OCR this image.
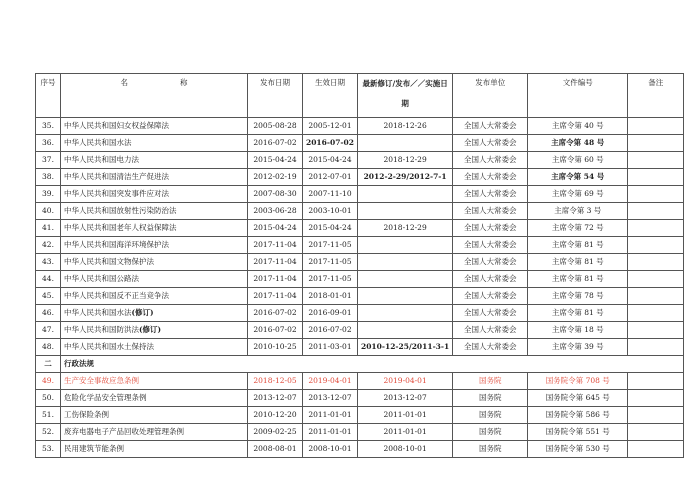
序号	名 称	发布日期	生效日期	最新修订/发布／／实施日期	发布单位	文件编号	备注
35.	中华人民共和国妇女权益保障法	2005-08-28	2005-12-01	2018-12-26	全国人大常委会	主席令第 40 号	
36.	中华人民共和国水法	2016-07-02	2016-07-02		全国人大常委会	主席令第 48 号	
37.	中华人民共和国电力法	2015-04-24	2015-04-24	2018-12-29	全国人大常委会	主席令第 60 号	
38.	中华人民共和国清洁生产促进法	2012-02-19	2012-07-01	2012-2-29/2012-7-1	全国人大常委会	主席令第 54 号	
39.	中华人民共和国突发事件应对法	2007-08-30	2007-11-10		全国人大常委会	主席令第 69 号	
40.	中华人民共和国放射性污染防治法	2003-06-28	2003-10-01		全国人大常委会	主席令第 3 号	
41.	中华人民共和国老年人权益保障法	2015-04-24	2015-04-24	2018-12-29	全国人大常委会	主席令第 72 号	
42.	中华人民共和国海洋环境保护法	2017-11-04	2017-11-05		全国人大常委会	主席令第 81 号	
43.	中华人民共和国文物保护法	2017-11-04	2017-11-05		全国人大常委会	主席令第 81 号	
44.	中华人民共和国公路法	2017-11-04	2017-11-05		全国人大常委会	主席令第 81 号	
45.	中华人民共和国反不正当竞争法	2017-11-04	2018-01-01		全国人大常委会	主席令第 78 号	
46.	中华人民共和国水法(修订)	2016-07-02	2016-09-01		全国人大常委会	主席令第 81 号	
47.	中华人民共和国防洪法(修订)	2016-07-02	2016-07-02		全国人大常委会	主席令第 18 号	
48.	中华人民共和国水土保持法	2010-10-25	2011-03-01	2010-12-25/2011-3-1	全国人大常委会	主席令第 39 号	
二	行政法规						
49.	生产安全事故应急条例	2018-12-05	2019-04-01	2019-04-01	国务院	国务院令第 708 号	
50.	危险化学品安全管理条例	2013-12-07	2013-12-07	2013-12-07	国务院	国务院令第 645 号	
51.	工伤保险条例	2010-12-20	2011-01-01	2011-01-01	国务院	国务院令第 586 号	
52.	废弃电器电子产品回收处理管理条例	2009-02-25	2011-01-01	2011-01-01	国务院	国务院令第 551 号	
53.	民用建筑节能条例	2008-08-01	2008-10-01	2008-10-01	国务院	国务院令第 530 号	
